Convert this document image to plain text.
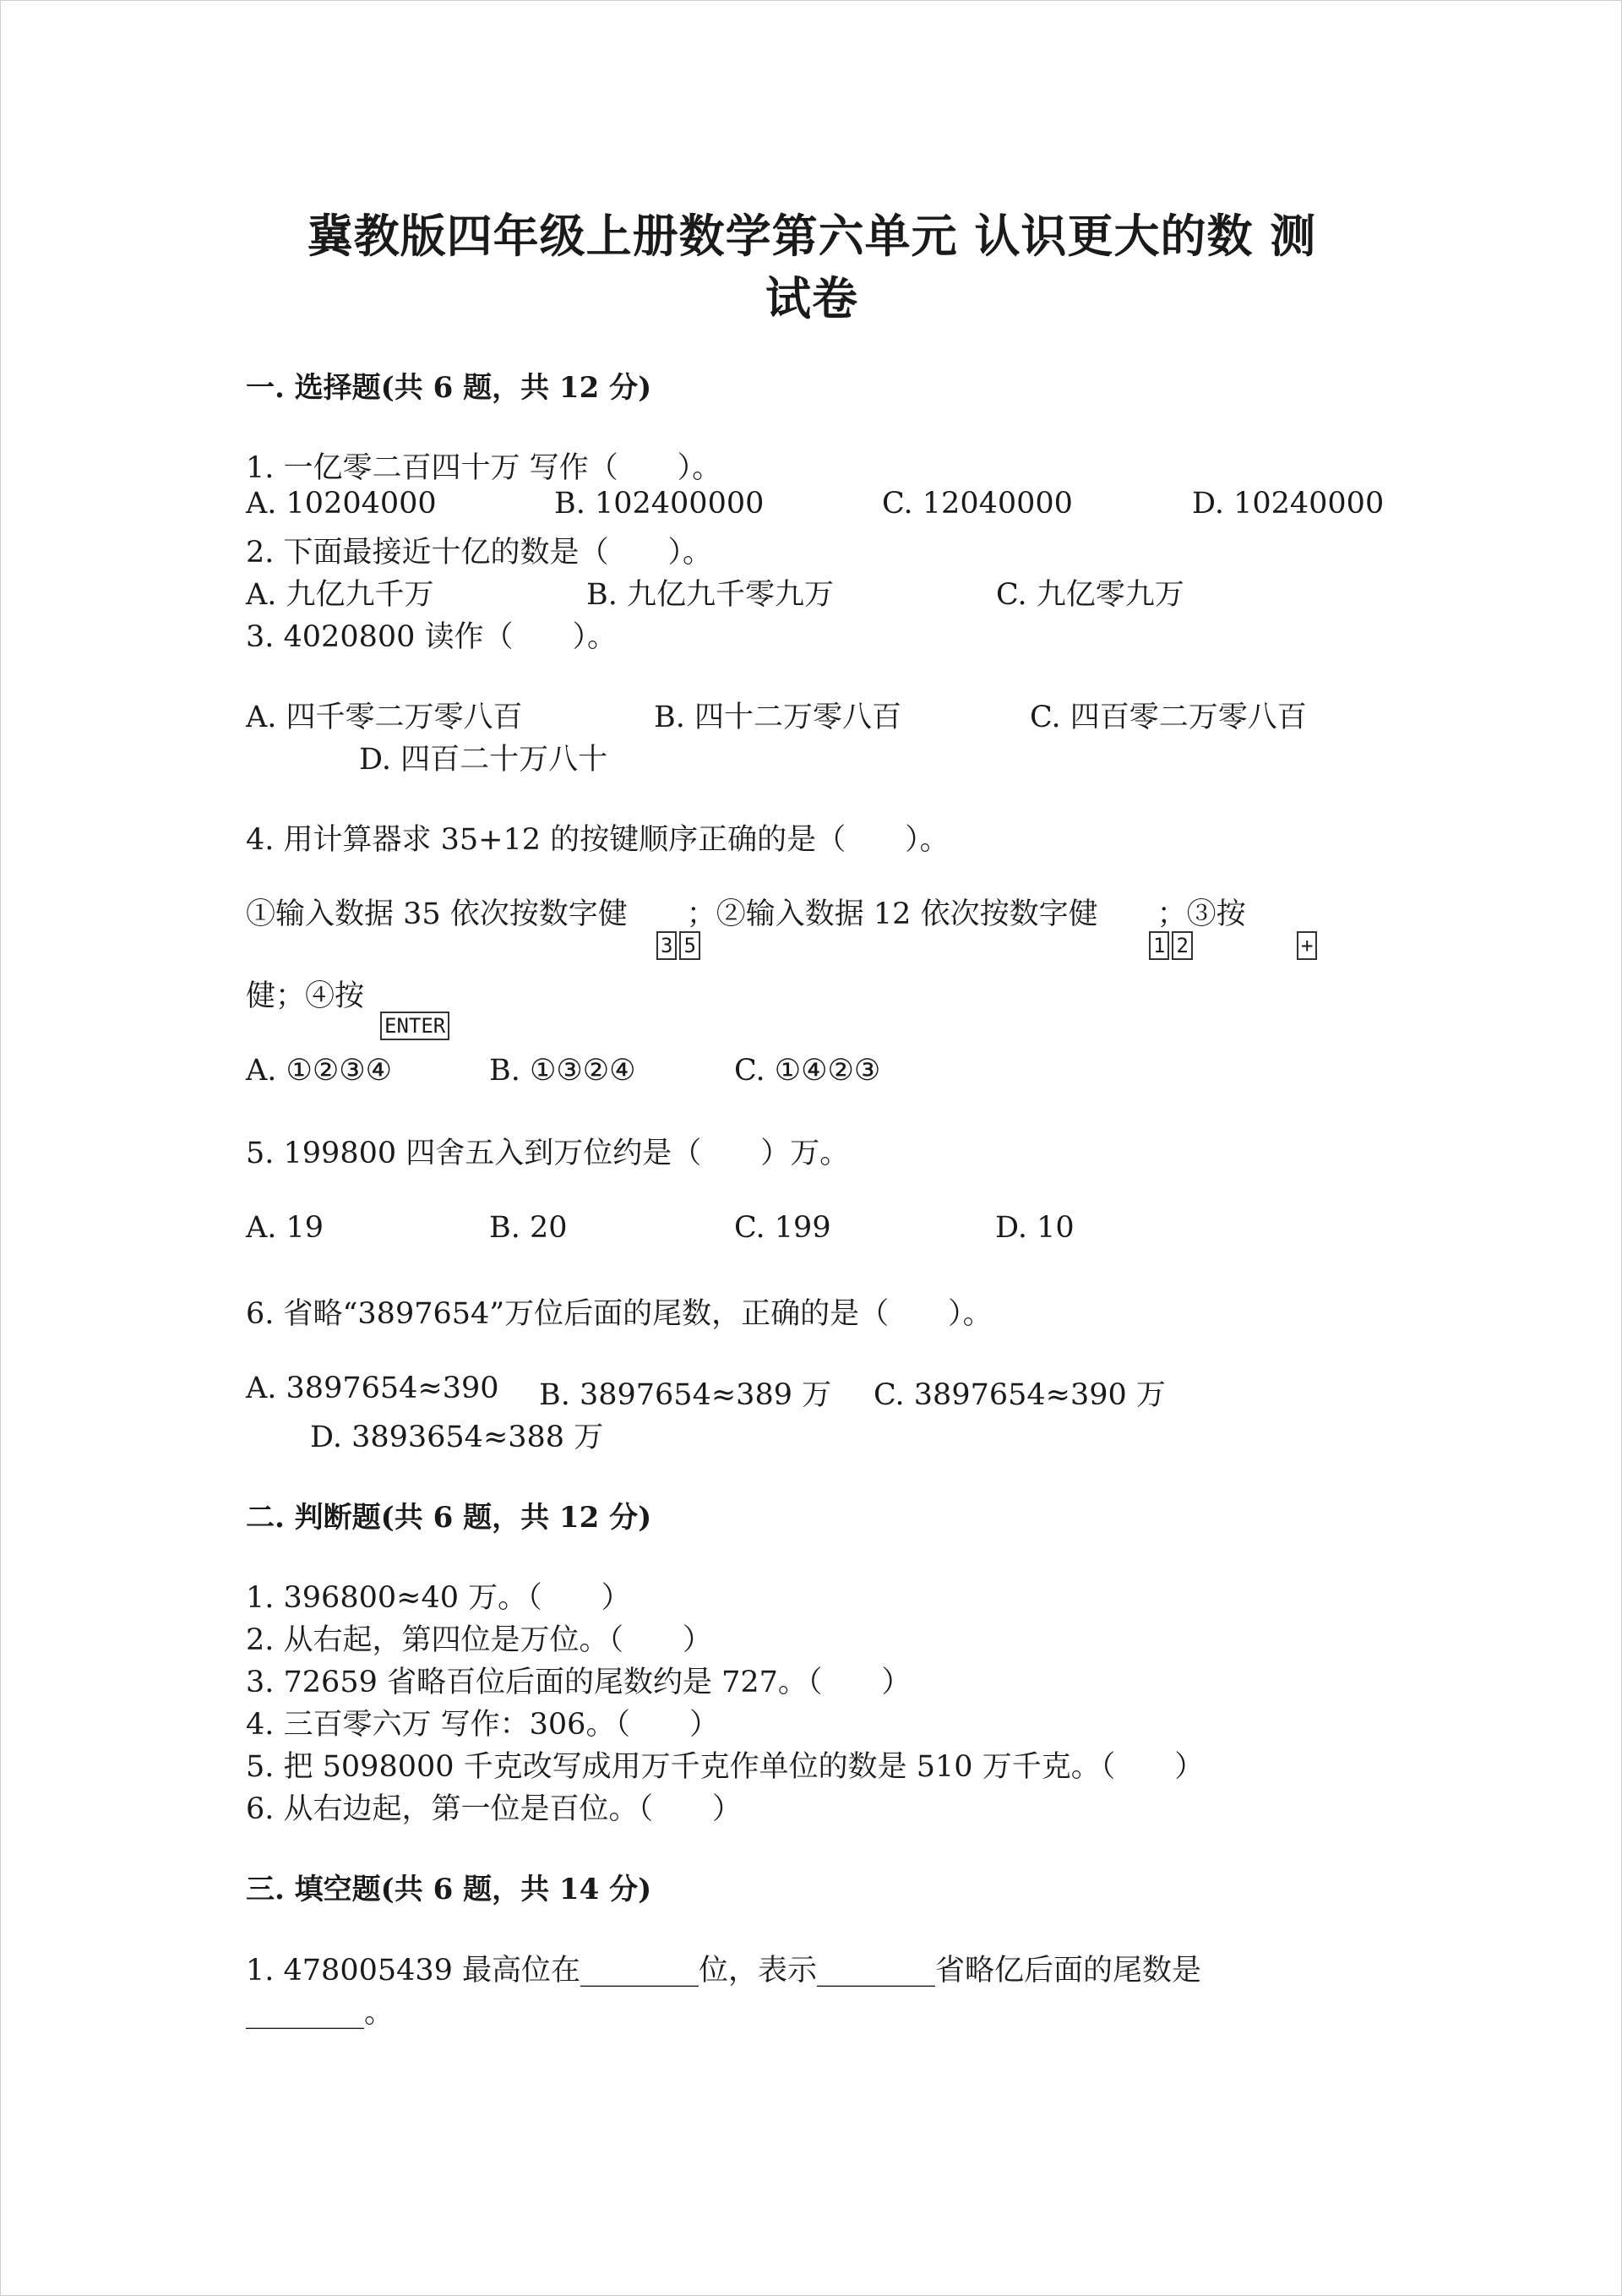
冀教版四年级上册数学第六单元 认识更大的数 测
试卷
一. 选择题(共 6 题，共 12 分)
1. 一亿零二百四十万 写作（　　）。
A. 10204000	B. 102400000	C. 12040000	D. 10240000
2. 下面最接近十亿的数是（　　）。
A. 九亿九千万	B. 九亿九千零九万	C. 九亿零九万
3. 4020800 读作（　　）。
A. 四千零二万零八百	B. 四十二万零八百	C. 四百零二万零八百
D. 四百二十万八十
4. 用计算器求 35+12 的按键顺序正确的是（　　）。
①输入数据 35 依次按数字健　　；②输入数据 12 依次按数字健　　；③按
3 5	1 2	+
健；④按
ENTER
A. ①②③④	B. ①③②④	C. ①④②③
5. 199800 四舍五入到万位约是（　　）万。
A. 19	B. 20	C. 199	D. 10
6. 省略“3897654”万位后面的尾数，正确的是（　　）。
A. 3897654≈390 B. 3897654≈389 万 C. 3897654≈390 万
D. 3893654≈388 万
二. 判断题(共 6 题，共 12 分)
1. 396800≈40 万。（　　）
2. 从右起，第四位是万位。（　　）
3. 72659 省略百位后面的尾数约是 727。（　　）
4. 三百零六万 写作：306。（　　）
5. 把 5098000 千克改写成用万千克作单位的数是 510 万千克。（　　）
6. 从右边起，第一位是百位。（　　）
三. 填空题(共 6 题，共 14 分)
1. 478005439 最高位在________位，表示________省略亿后面的尾数是
________。
